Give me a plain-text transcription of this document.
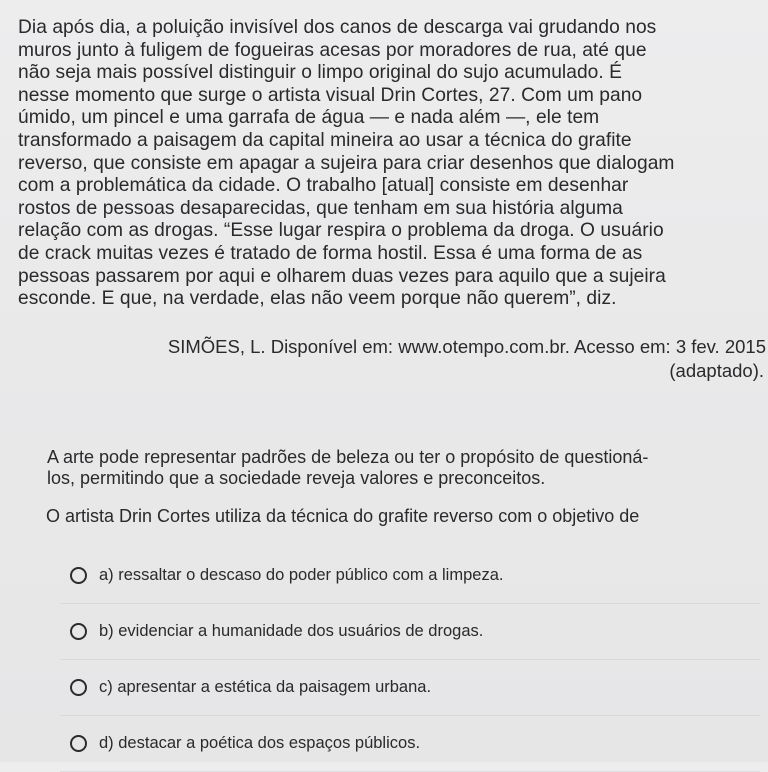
Dia após dia, a poluição invisível dos canos de descarga vai grudando nos
muros junto à fuligem de fogueiras acesas por moradores de rua, até que
não seja mais possível distinguir o limpo original do sujo acumulado. É
nesse momento que surge o artista visual Drin Cortes, 27. Com um pano
úmido, um pincel e uma garrafa de água — e nada além —, ele tem
transformado a paisagem da capital mineira ao usar a técnica do grafite
reverso, que consiste em apagar a sujeira para criar desenhos que dialogam
com a problemática da cidade. O trabalho [atual] consiste em desenhar
rostos de pessoas desaparecidas, que tenham em sua história alguma
relação com as drogas. “Esse lugar respira o problema da droga. O usuário
de crack muitas vezes é tratado de forma hostil. Essa é uma forma de as
pessoas passarem por aqui e olharem duas vezes para aquilo que a sujeira
esconde. E que, na verdade, elas não veem porque não querem”, diz.
SIMÕES, L. Disponível em: www.otempo.com.br. Acesso em: 3 fev. 2015
(adaptado).
A arte pode representar padrões de beleza ou ter o propósito de questioná-
los, permitindo que a sociedade reveja valores e preconceitos.
O artista Drin Cortes utiliza da técnica do grafite reverso com o objetivo de
a) ressaltar o descaso do poder público com a limpeza.
b) evidenciar a humanidade dos usuários de drogas.
c) apresentar a estética da paisagem urbana.
d) destacar a poética dos espaços públicos.
